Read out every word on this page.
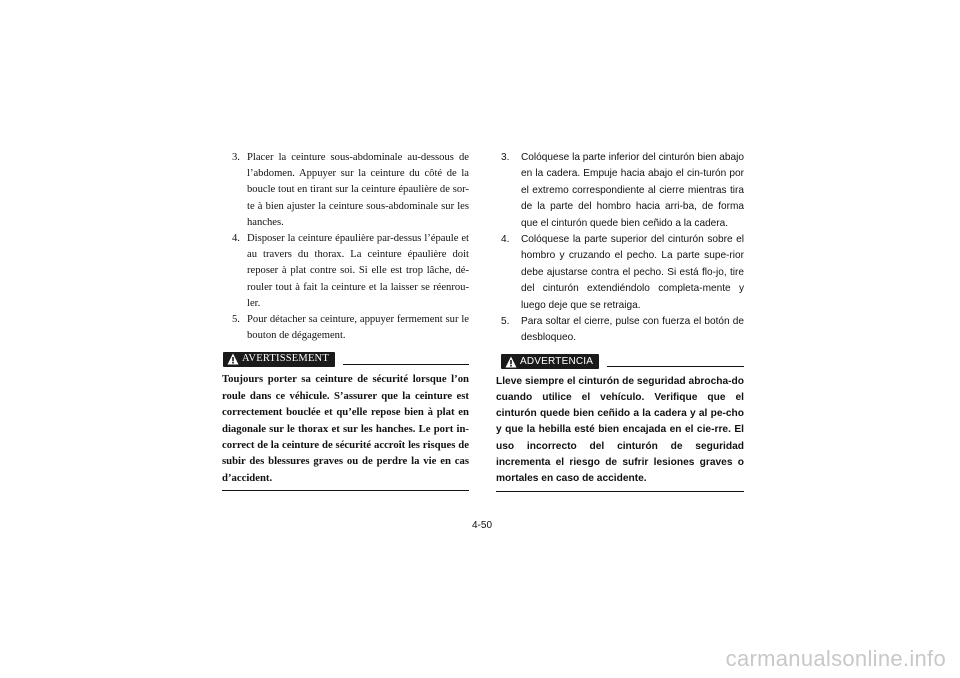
3. Placer la ceinture sous-abdominale au-dessous de l’abdomen. Appuyer sur la ceinture du côté de la boucle tout en tirant sur la ceinture épaulière de sor-te à bien ajuster la ceinture sous-abdominale sur les hanches.
4. Disposer la ceinture épaulière par-dessus l’épaule et au travers du thorax. La ceinture épaulière doit reposer à plat contre soi. Si elle est trop lâche, dé-rouler tout à fait la ceinture et la laisser se réenrou-ler.
5. Pour détacher sa ceinture, appuyer fermement sur le bouton de dégagement.
AVERTISSEMENT
Toujours porter sa ceinture de sécurité lorsque l’on roule dans ce véhicule. S’assurer que la ceinture est correctement bouclée et qu’elle repose bien à plat en diagonale sur le thorax et sur les hanches. Le port in-correct de la ceinture de sécurité accroît les risques de subir des blessures graves ou de perdre la vie en cas d’accident.
3. Colóquese la parte inferior del cinturón bien abajo en la cadera. Empuje hacia abajo el cin-turón por el extremo correspondiente al cierre mientras tira de la parte del hombro hacia arri-ba, de forma que el cinturón quede bien ceñido a la cadera.
4. Colóquese la parte superior del cinturón sobre el hombro y cruzando el pecho. La parte supe-rior debe ajustarse contra el pecho. Si está flo-jo, tire del cinturón extendiéndolo completa-mente y luego deje que se retraiga.
5. Para soltar el cierre, pulse con fuerza el botón de desbloqueo.
ADVERTENCIA
Lleve siempre el cinturón de seguridad abrocha-do cuando utilice el vehículo. Verifique que el cinturón quede bien ceñido a la cadera y al pe-cho y que la hebilla esté bien encajada en el cie-rre. El uso incorrecto del cinturón de seguridad incrementa el riesgo de sufrir lesiones graves o mortales en caso de accidente.
4-50
carmanualsonline.info
